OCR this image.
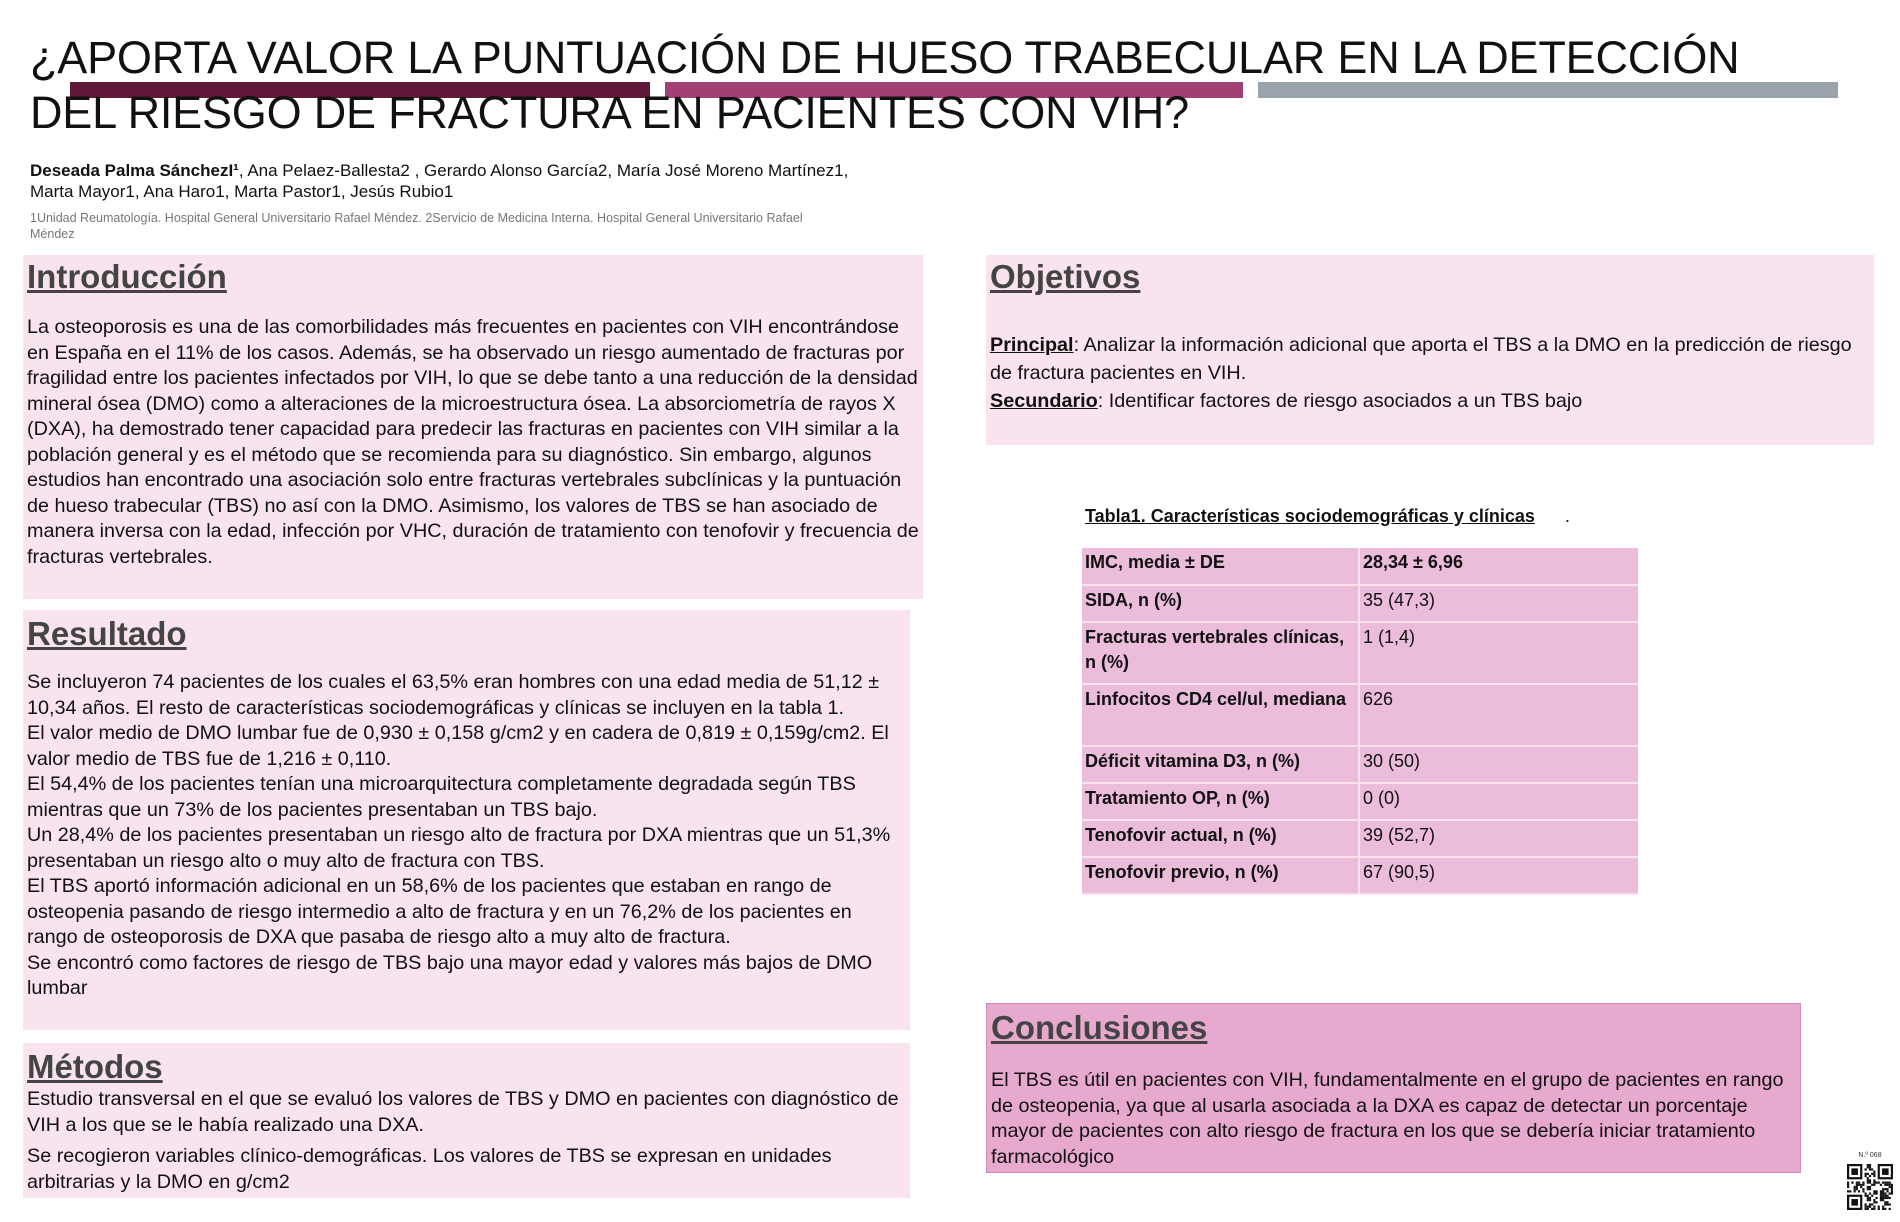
¿APORTA VALOR LA PUNTUACIÓN DE HUESO TRABECULAR EN LA DETECCIÓN
DEL RIESGO DE FRACTURA EN PACIENTES CON VIH?
Deseada Palma SánchezI¹, Ana Pelaez-Ballesta2 , Gerardo Alonso García2, María José Moreno Martínez1, Marta Mayor1, Ana Haro1, Marta Pastor1, Jesús Rubio1
1Unidad Reumatología. Hospital General Universitario Rafael Méndez. 2Servicio de Medicina Interna. Hospital General Universitario Rafael Méndez
Introducción

La osteoporosis es una de las comorbilidades más frecuentes en pacientes con VIH encontrándose en España en el 11% de los casos. Además, se ha observado un riesgo aumentado de fracturas por fragilidad entre los pacientes infectados por VIH, lo que se debe tanto a una reducción de la densidad mineral ósea (DMO) como a alteraciones de la microestructura ósea. La absorciometría de rayos X (DXA), ha demostrado tener capacidad para predecir las fracturas en pacientes con VIH similar a la población general y es el método que se recomienda para su diagnóstico. Sin embargo, algunos estudios han encontrado una asociación solo entre fracturas vertebrales subclínicas y la puntuación de hueso trabecular (TBS) no así con la DMO. Asimismo, los valores de TBS se han asociado de manera inversa con la edad, infección por VHC, duración de tratamiento con tenofovir y frecuencia de fracturas vertebrales.

Resultado

Se incluyeron 74 pacientes de los cuales el 63,5% eran hombres con una edad media de 51,12 ± 10,34 años. El resto de características sociodemográficas y clínicas se incluyen en la tabla 1.

El valor medio de DMO lumbar fue de 0,930 ± 0,158 g/cm2 y en cadera de 0,819 ± 0,159g/cm2. El valor medio de TBS fue de 1,216 ± 0,110.

El 54,4% de los pacientes tenían una microarquitectura completamente degradada según TBS mientras que un 73% de los pacientes presentaban un TBS bajo.

Un 28,4% de los pacientes presentaban un riesgo alto de fractura por DXA mientras que un 51,3% presentaban un riesgo alto o muy alto de fractura con TBS.

El TBS aportó información adicional en un 58,6% de los pacientes que estaban en rango de osteopenia pasando de riesgo intermedio a alto de fractura y en un 76,2% de los pacientes en rango de osteoporosis de DXA que pasaba de riesgo alto a muy alto de fractura.

Se encontró como factores de riesgo de TBS bajo una mayor edad y valores más bajos de DMO lumbar

Métodos

Estudio transversal en el que se evaluó los valores de TBS y DMO en pacientes con diagnóstico de VIH a los que se le había realizado una DXA.

Se recogieron variables clínico-demográficas. Los valores de TBS se expresan en unidades arbitrarias y la DMO en g/cm2

Objetivos

Principal: Analizar la información adicional que aporta el TBS a la DMO en la predicción de riesgo de fractura pacientes en VIH.

Secundario: Identificar factores de riesgo asociados a un TBS bajo

Tabla1. Características sociodemográficas y clínicas .
IMC, media ± DE	28,34 ± 6,96
SIDA, n (%)	35 (47,3)
Fracturas vertebrales clínicas, n (%)	1 (1,4)
Linfocitos CD4 cel/ul, mediana	626
Déficit vitamina D3, n (%)	30 (50)
Tratamiento OP, n (%)	0 (0)
Tenofovir actual, n (%)	39 (52,7)
Tenofovir previo, n (%)	67 (90,5)
Conclusiones

El TBS es útil en pacientes con VIH, fundamentalmente en el grupo de pacientes en rango de osteopenia, ya que al usarla asociada a la DXA es capaz de detectar un porcentaje mayor de pacientes con alto riesgo de fractura en los que se debería iniciar tratamiento farmacológico	N.º 068
